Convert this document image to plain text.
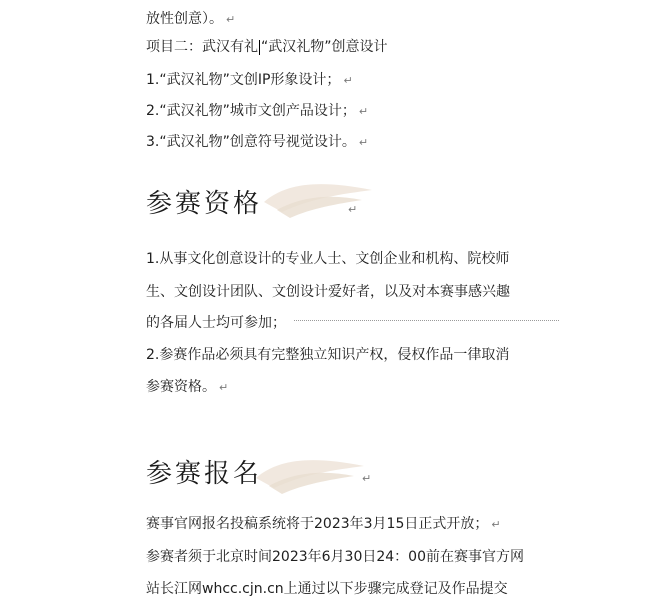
放性创意）。 ↵
项目二：武汉有礼 “武汉礼物”创意设计
1.“武汉礼物”文创IP形象设计； ↵
2.“武汉礼物”城市文创产品设计； ↵
3.“武汉礼物”创意符号视觉设计。 ↵
参赛资格	↵
1.从事文化创意设计的专业人士、文创企业和机构、院校师
生、文创设计团队、文创设计爱好者，以及对本赛事感兴趣
的各届人士均可参加；
2.参赛作品必须具有完整独立知识产权，侵权作品一律取消
参赛资格。 ↵
参赛报名	↵
赛事官网报名投稿系统将于2023年3月15日正式开放； ↵
参赛者须于北京时间2023年6月30日24：00前在赛事官方网
站长江网whcc.cjn.cn上通过以下步骤完成登记及作品提交
